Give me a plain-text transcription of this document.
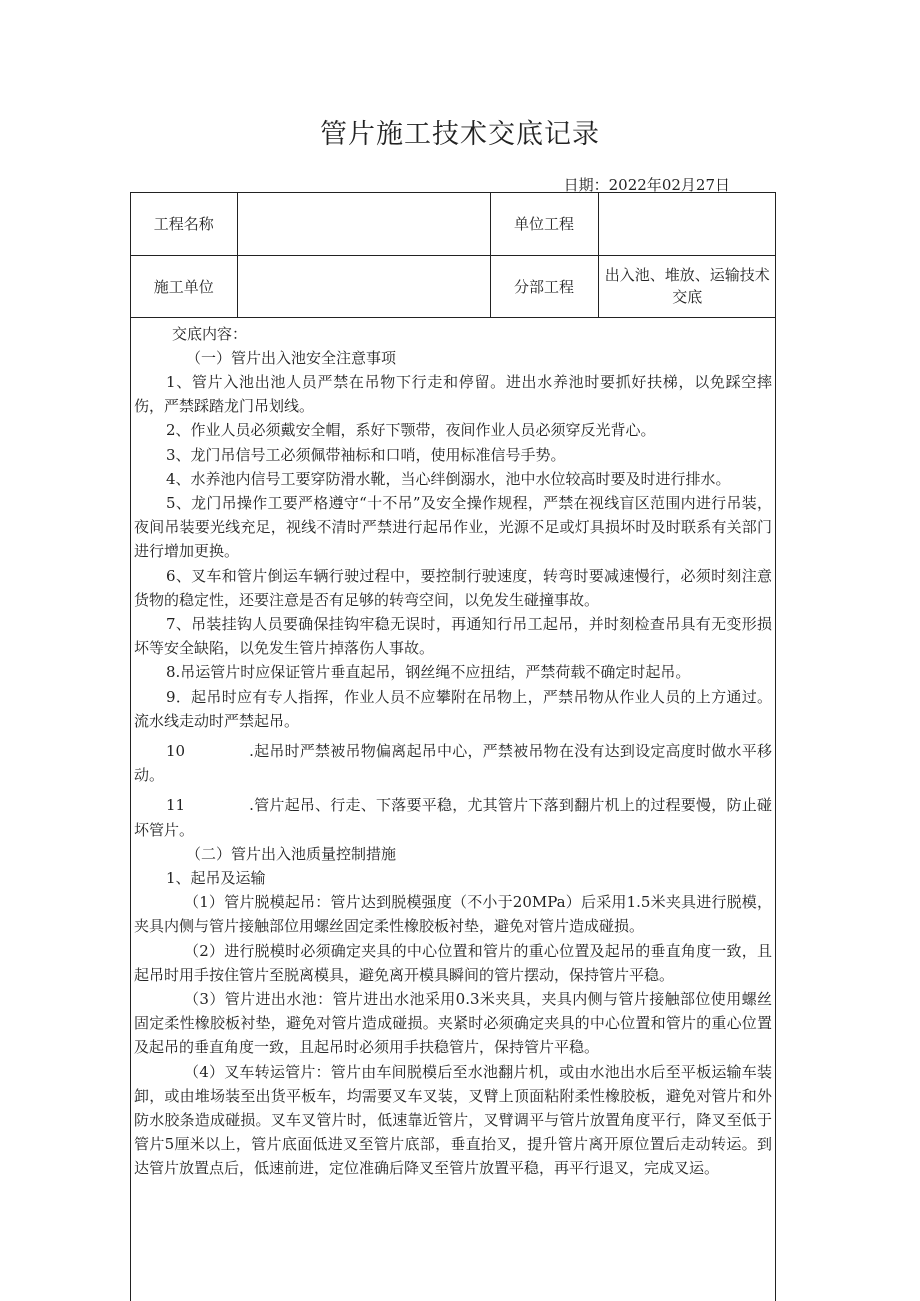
管片施工技术交底记录
日期：2022年02月27日
工程名称		单位工程	
施工单位		分部工程	出入池、堆放、运输技术交底

交底内容：

（一）管片出入池安全注意事项

1、管片入池出池人员严禁在吊物下行走和停留。进出水养池时要抓好扶梯，以免踩空摔伤，严禁踩踏龙门吊划线。

2、作业人员必须戴安全帽，系好下颚带，夜间作业人员必须穿反光背心。

3、龙门吊信号工必须佩带袖标和口哨，使用标准信号手势。

4、水养池内信号工要穿防滑水靴，当心绊倒溺水，池中水位较高时要及时进行排水。

5、龙门吊操作工要严格遵守“十不吊”及安全操作规程，严禁在视线盲区范围内进行吊装，夜间吊装要光线充足，视线不清时严禁进行起吊作业，光源不足或灯具损坏时及时联系有关部门进行增加更换。

6、叉车和管片倒运车辆行驶过程中，要控制行驶速度，转弯时要减速慢行，必须时刻注意货物的稳定性，还要注意是否有足够的转弯空间，以免发生碰撞事故。

7、吊装挂钩人员要确保挂钩牢稳无误时，再通知行吊工起吊，并时刻检查吊具有无变形损坏等安全缺陷，以免发生管片掉落伤人事故。

8.吊运管片时应保证管片垂直起吊，钢丝绳不应扭结，严禁荷载不确定时起吊。

9．起吊时应有专人指挥，作业人员不应攀附在吊物上，严禁吊物从作业人员的上方通过。流水线走动时严禁起吊。

10	.起吊时严禁被吊物偏离起吊中心，严禁被吊物在没有达到设定高度时做水平移动。

11	.管片起吊、行走、下落要平稳，尤其管片下落到翻片机上的过程要慢，防止碰坏管片。

（二）管片出入池质量控制措施

1、起吊及运输

（1）管片脱模起吊：管片达到脱模强度（不小于20MPa）后采用1.5米夹具进行脱模，夹具内侧与管片接触部位用螺丝固定柔性橡胶板衬垫，避免对管片造成碰损。

（2）进行脱模时必须确定夹具的中心位置和管片的重心位置及起吊的垂直角度一致，且起吊时用手按住管片至脱离模具，避免离开模具瞬间的管片摆动，保持管片平稳。

（3）管片进出水池：管片进出水池采用0.3米夹具，夹具内侧与管片接触部位使用螺丝固定柔性橡胶板衬垫，避免对管片造成碰损。夹紧时必须确定夹具的中心位置和管片的重心位置及起吊的垂直角度一致，且起吊时必须用手扶稳管片，保持管片平稳。

（4）叉车转运管片：管片由车间脱模后至水池翻片机，或由水池出水后至平板运输车装卸，或由堆场装至出货平板车，均需要叉车叉装，叉臂上顶面粘附柔性橡胶板，避免对管片和外防水胶条造成碰损。叉车叉管片时，低速靠近管片，叉臂调平与管片放置角度平行，降叉至低于管片5厘米以上，管片底面低进叉至管片底部，垂直抬叉，提升管片离开原位置后走动转运。到达管片放置点后，低速前进，定位准确后降叉至管片放置平稳，再平行退叉，完成叉运。
